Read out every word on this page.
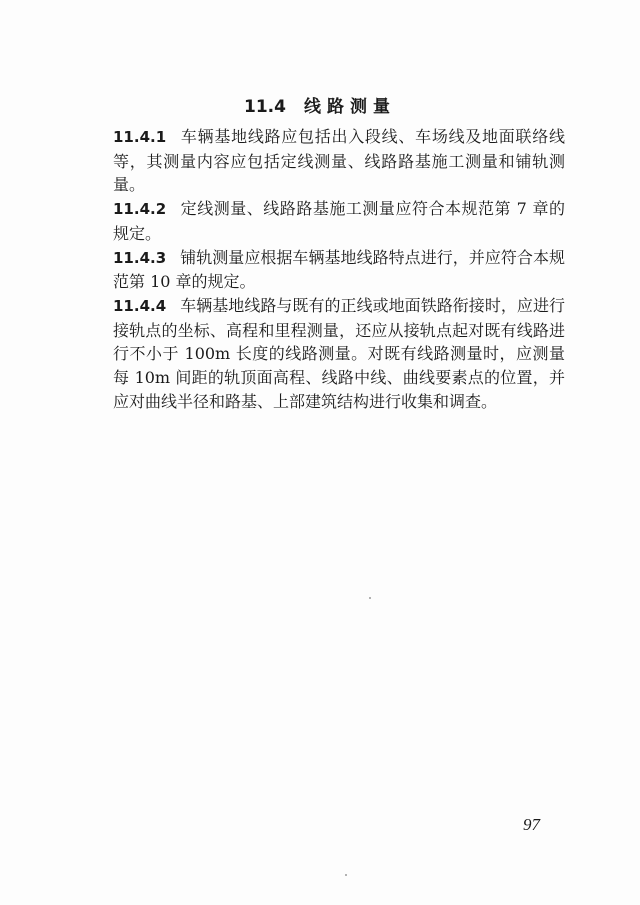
11.4 线路测量

11.4.1 车辆基地线路应包括出入段线、车场线及地面联络线等，其测量内容应包括定线测量、线路路基施工测量和铺轨测量。

11.4.2 定线测量、线路路基施工测量应符合本规范第 7 章的规定。

11.4.3 铺轨测量应根据车辆基地线路特点进行，并应符合本规范第 10 章的规定。

11.4.4 车辆基地线路与既有的正线或地面铁路衔接时，应进行接轨点的坐标、高程和里程测量，还应从接轨点起对既有线路进行不小于 100m 长度的线路测量。对既有线路测量时，应测量每 10m 间距的轨顶面高程、线路中线、曲线要素点的位置，并应对曲线半径和路基、上部建筑结构进行收集和调查。

97
